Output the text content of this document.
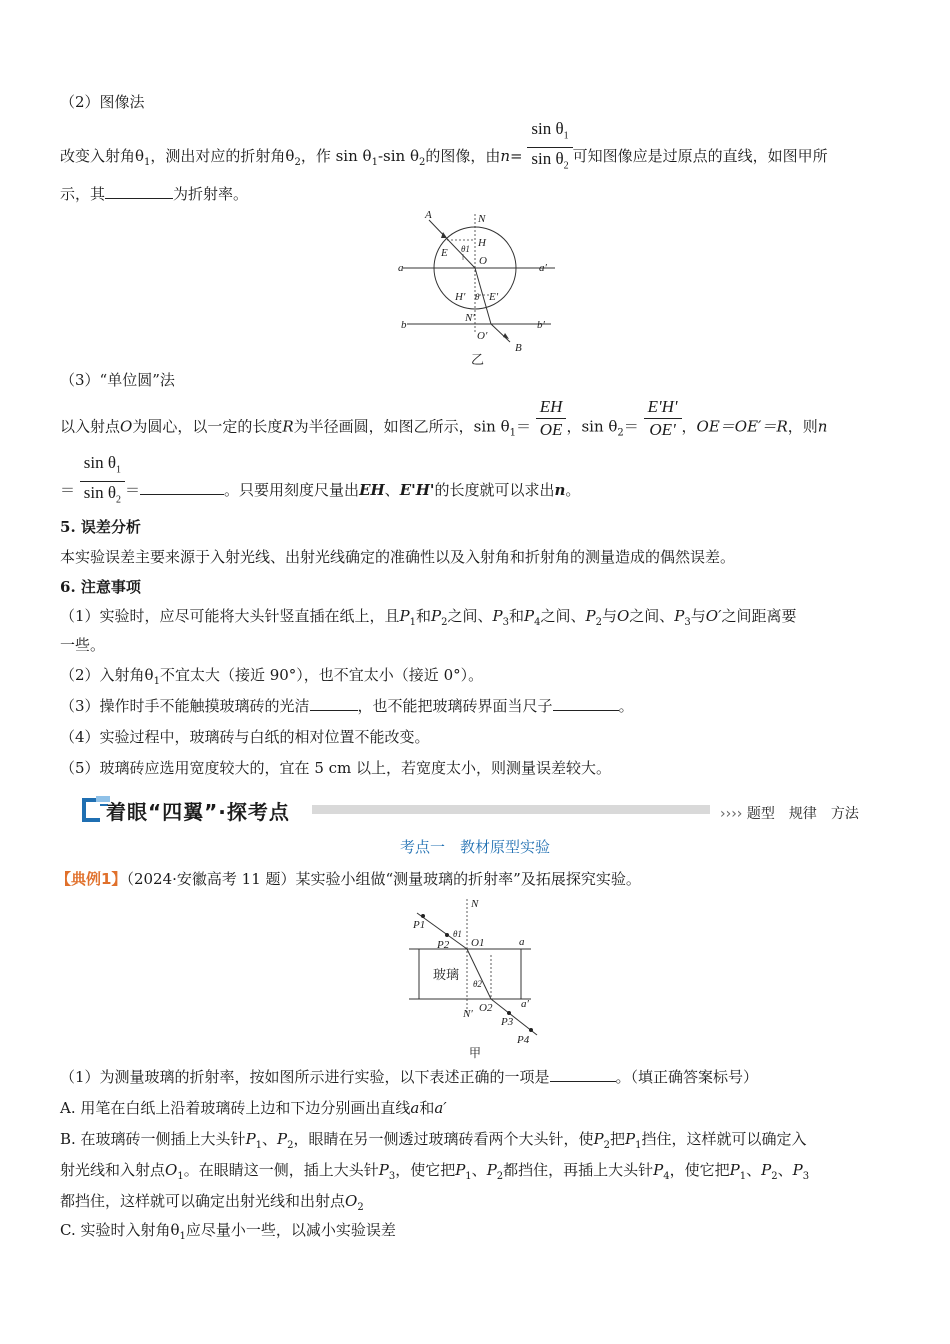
（2）图像法
改变入射角$\theta_1$，测出对应的折射角$\theta_2$，作 $\sin \theta_1-\sin$ $\theta_2$的图像，由$n= \frac{\sin \theta_1}{\sin \theta_2}$ 可知图像应是过原点的直线，如图甲所
示，其	为折射率。
A	N
H
E θ1
O
a	a′
H′ θ E′
N′
b	b′
O′
B
乙
（3）“单位圆”法
以入射点O为圆心，以一定的长度R为半径画圆，如图乙所示，$\sin \theta_1= \frac{EH}{OE}$ ，$\sin \theta_2= \frac{E'H'}{OE'}$ ，OE＝OE′＝R，则n
＝ $\frac{\sin \theta_1}{\sin \theta_2}$ ＝	。只要用刻度尺量出EH、E'H'的长度就可以求出n。
5. 误差分析
本实验误差主要来源于入射光线、出射光线确定的准确性以及入射角和折射角的测量造成的偶然误差。
6. 注意事项
（1）实验时，应尽可能将大头针竖直插在纸上，且$P_1$和$P_2$之间、$P_3$和$P_4$之间、$P_2$与O之间、$P_3$与O′之间距离要
一些。
（2）入射角$\theta_1$不宜太大（接近 90°），也不宜太小（接近 0°）。
（3）操作时手不能触摸玻璃砖的光洁	，也不能把玻璃砖界面当尺子	。
（4）实验过程中，玻璃砖与白纸的相对位置不能改变。
（5）玻璃砖应选用宽度较大的，宜在 5 cm 以上，若宽度太小，则测量误差较大。
着眼“四翼”·探考点	›››› 题型　规律　方法
考点一　教材原型实验
【典例1】（2024·安徽高考 11 题）某实验小组做“测量玻璃的折射率”及拓展探究实验。
N
P1
P2
θ1
O1	a
玻璃
θ2
a′
N′ O2
P3
P4
甲
（1）为测量玻璃的折射率，按如图所示进行实验，以下表述正确的一项是	。（填正确答案标号）
A. 用笔在白纸上沿着玻璃砖上边和下边分别画出直线a和a′
B. 在玻璃砖一侧插上大头针$P_1$、$P_2$，眼睛在另一侧透过玻璃砖看两个大头针，使$P_2$把$P_1$挡住，这样就可以确定入
射光线和入射点$O_1$。在眼睛这一侧，插上大头针$P_3$，使它把$P_1$、$P_2$都挡住，再插上大头针$P_4$，使它把$P_1$、$P_2$、$P_3$
都挡住，这样就可以确定出射光线和出射点$O_2$
C. 实验时入射角$\theta_1$应尽量小一些，以减小实验误差
